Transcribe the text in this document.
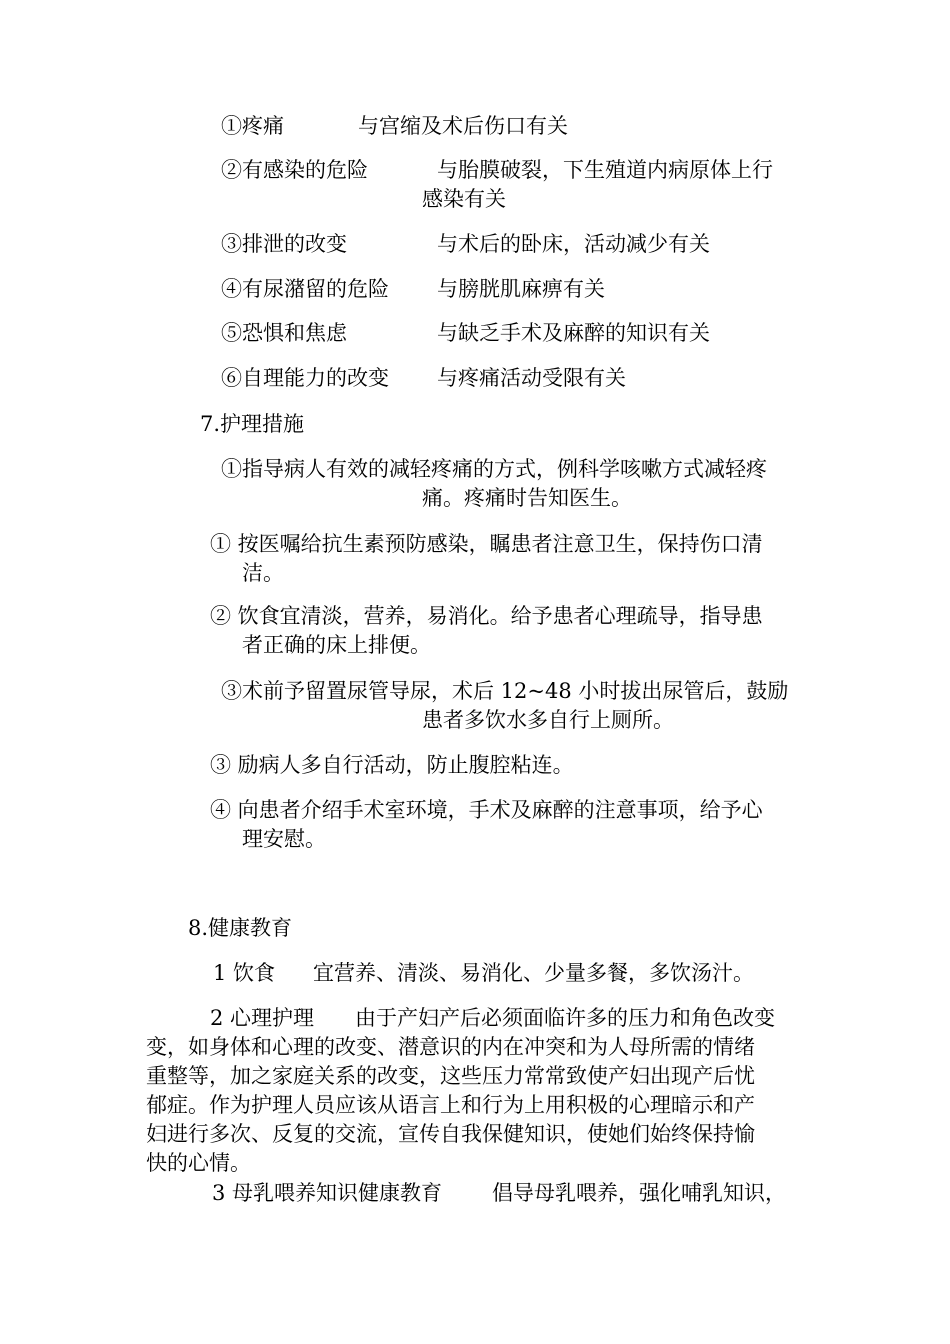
①疼痛	与宫缩及术后伤口有关
②有感染的危险	与胎膜破裂，下生殖道内病原体上行
感染有关
③排泄的改变	与术后的卧床，活动减少有关
④有尿潴留的危险 与膀胱肌麻痹有关
⑤恐惧和焦虑	与缺乏手术及麻醉的知识有关
⑥自理能力的改变 与疼痛活动受限有关
7.护理措施
①指导病人有效的减轻疼痛的方式，例科学咳嗽方式减轻疼
痛。疼痛时告知医生。
① 按医嘱给抗生素预防感染，瞩患者注意卫生，保持伤口清
洁。
② 饮食宜清淡，营养，易消化。给予患者心理疏导，指导患
者正确的床上排便。
③术前予留置尿管导尿，术后 12~48 小时拔出尿管后，鼓励
患者多饮水多自行上厕所。
③ 励病人多自行活动，防止腹腔粘连。
④ 向患者介绍手术室环境，手术及麻醉的注意事项，给予心
理安慰。
8.健康教育
1 饮食 宜营养、清淡、易消化、少量多餐，多饮汤汁。
2 心理护理 由于产妇产后必须面临许多的压力和角色改变
变，如身体和心理的改变、潜意识的内在冲突和为人母所需的情绪
重整等，加之家庭关系的改变，这些压力常常致使产妇出现产后忧
郁症。作为护理人员应该从语言上和行为上用积极的心理暗示和产
妇进行多次、反复的交流，宣传自我保健知识，使她们始终保持愉
快的心情。
3 母乳喂养知识健康教育 倡导母乳喂养，强化哺乳知识，
